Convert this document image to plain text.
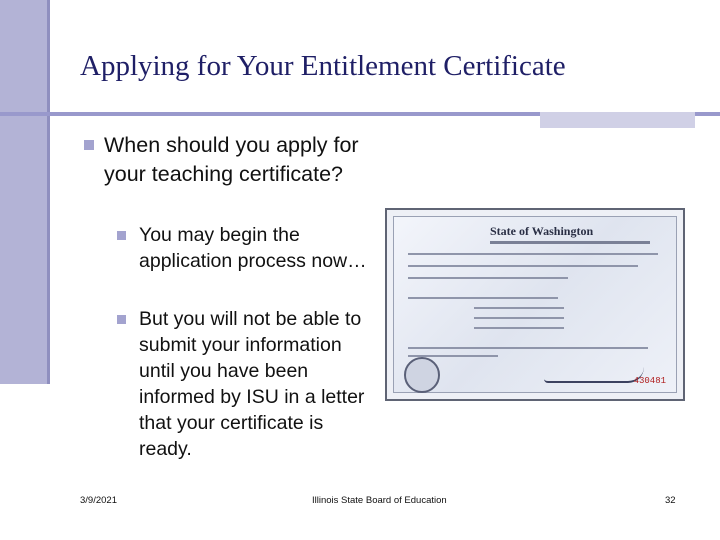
Applying for Your Entitlement Certificate
When should you apply for your teaching certificate?
You may begin the application process now…
But you will not be able to submit your information until you have been informed by ISU in a letter that your certificate is ready.
State of Washington
430481
3/9/2021	Illinois State Board of Education	32
